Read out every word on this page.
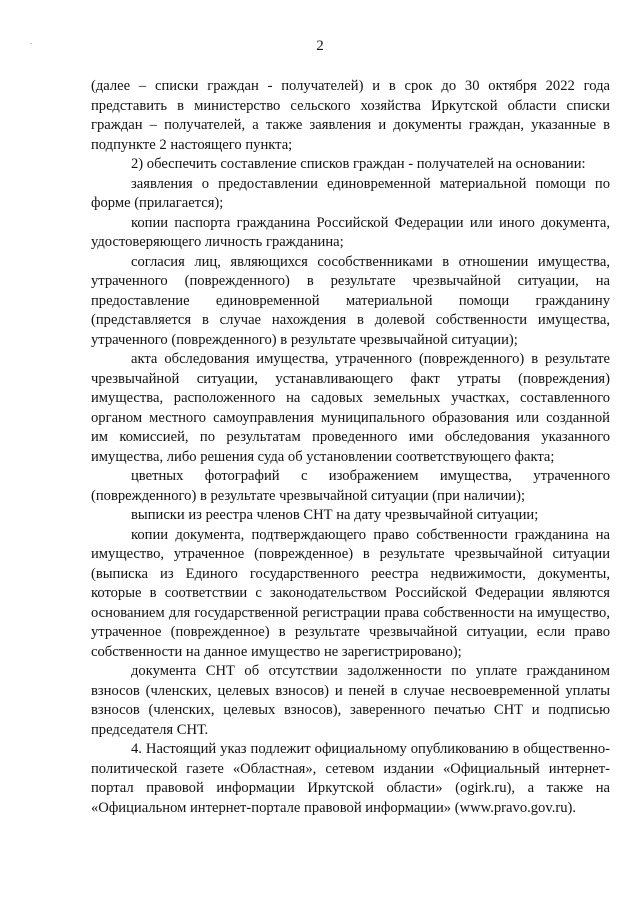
2

(далее – списки граждан - получателей) и в срок до 30 октября 2022 года представить в министерство сельского хозяйства Иркутской области списки граждан – получателей, а также заявления и документы граждан, указанные в подпункте 2 настоящего пункта;

2) обеспечить составление списков граждан - получателей на основании:

заявления о предоставлении единовременной материальной помощи по форме (прилагается);

копии паспорта гражданина Российской Федерации или иного документа, удостоверяющего личность гражданина;

согласия лиц, являющихся сособственниками в отношении имущества, утраченного (поврежденного) в результате чрезвычайной ситуации, на предоставление единовременной материальной помощи гражданину (представляется в случае нахождения в долевой собственности имущества, утраченного (поврежденного) в результате чрезвычайной ситуации);

акта обследования имущества, утраченного (поврежденного) в результате чрезвычайной ситуации, устанавливающего факт утраты (повреждения) имущества, расположенного на садовых земельных участках, составленного органом местного самоуправления муниципального образования или созданной им комиссией, по результатам проведенного ими обследования указанного имущества, либо решения суда об установлении соответствующего факта;

цветных фотографий с изображением имущества, утраченного (поврежденного) в результате чрезвычайной ситуации (при наличии);

выписки из реестра членов СНТ на дату чрезвычайной ситуации;

копии документа, подтверждающего право собственности гражданина на имущество, утраченное (поврежденное) в результате чрезвычайной ситуации (выписка из Единого государственного реестра недвижимости, документы, которые в соответствии с законодательством Российской Федерации являются основанием для государственной регистрации права собственности на имущество, утраченное (поврежденное) в результате чрезвычайной ситуации, если право собственности на данное имущество не зарегистрировано);

документа СНТ об отсутствии задолженности по уплате гражданином взносов (членских, целевых взносов) и пеней в случае несвоевременной уплаты взносов (членских, целевых взносов), заверенного печатью СНТ и подписью председателя СНТ.

4. Настоящий указ подлежит официальному опубликованию в общественно-политической газете «Областная», сетевом издании «Официальный интернет-портал правовой информации Иркутской области» (ogirk.ru), а также на «Официальном интернет-портале правовой информации» (www.pravo.gov.ru).
